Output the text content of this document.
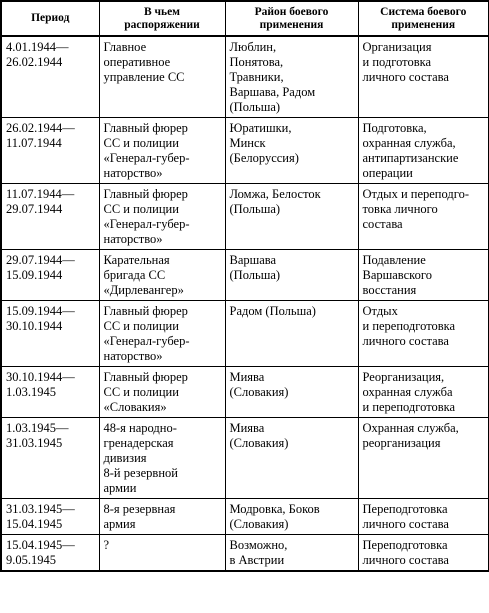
Период	В чьем
распоряжении	Район боевого
применения	Система боевого
применения

4.01.1944—
26.02.1944	Главное
оперативное
управление СС	Люблин,
Понятова,
Травники,
Варшава, Радом
(Польша)	Организация
и подготовка
личного состава

26.02.1944—
11.07.1944	Главный фюрер
СС и полиции
«Генерал-губер-
наторство»	Юратишки,
Минск
(Белоруссия)	Подготовка,
охранная служба,
антипартизанские
операции

11.07.1944—
29.07.1944	Главный фюрер
СС и полиции
«Генерал-губер-
наторство»	Ломжа, Белосток
(Польша)	Отдых и переподго-
товка личного
состава

29.07.1944—
15.09.1944	Карательная
бригада СС
«Дирлевангер»	Варшава
(Польша)	Подавление
Варшавского
восстания

15.09.1944—
30.10.1944	Главный фюрер
СС и полиции
«Генерал-губер-
наторство»	Радом (Польша)	Отдых
и переподготовка
личного состава

30.10.1944—
1.03.1945	Главный фюрер
СС и полиции
«Словакия»	Миява
(Словакия)	Реорганизация,
охранная служба
и переподготовка

1.03.1945—
31.03.1945	48-я народно-
гренадерская
дивизия
8-й резервной
армии	Миява
(Словакия)	Охранная служба,
реорганизация

31.03.1945—
15.04.1945	8-я резервная
армия	Модровка, Боков
(Словакия)	Переподготовка
личного состава

15.04.1945—
9.05.1945	?	Возможно,
в Австрии	Переподготовка
личного состава
